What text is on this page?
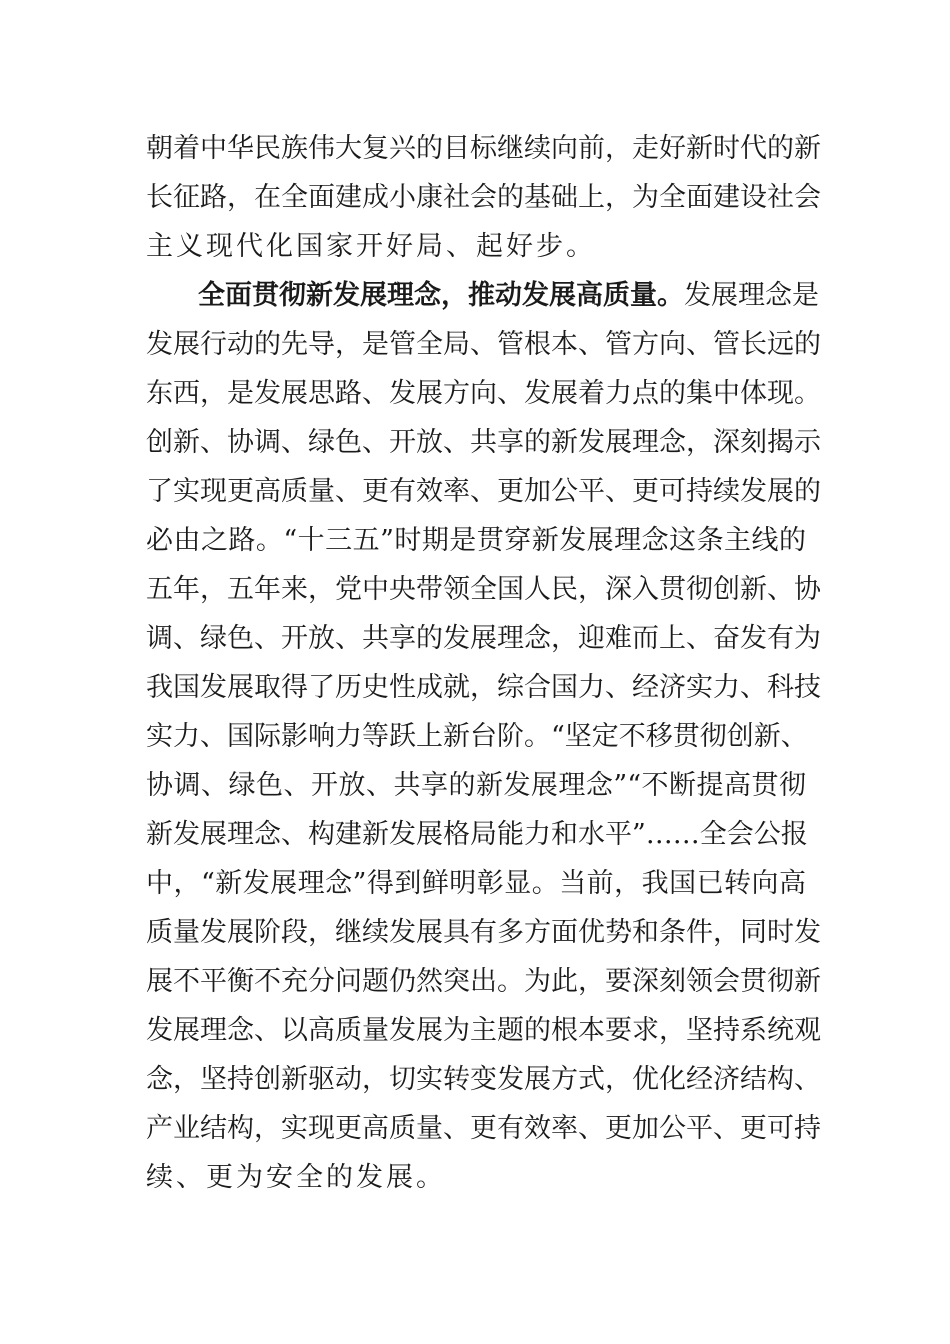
朝着中华民族伟大复兴的目标继续向前，走好新时代的新
长征路，在全面建成小康社会的基础上，为全面建设社会
主义现代化国家开好局、起好步。
全面贯彻新发展理念，推动发展高质量。发展理念是
发展行动的先导，是管全局、管根本、管方向、管长远的
东西，是发展思路、发展方向、发展着力点的集中体现。
创新、协调、绿色、开放、共享的新发展理念，深刻揭示
了实现更高质量、更有效率、更加公平、更可持续发展的
必由之路。“十三五”时期是贯穿新发展理念这条主线的
五年，五年来，党中央带领全国人民，深入贯彻创新、协
调、绿色、开放、共享的发展理念，迎难而上、奋发有为
我国发展取得了历史性成就，综合国力、经济实力、科技
实力、国际影响力等跃上新台阶。“坚定不移贯彻创新、
协调、绿色、开放、共享的新发展理念”“不断提高贯彻
新发展理念、构建新发展格局能力和水平”……全会公报
中，“新发展理念”得到鲜明彰显。当前，我国已转向高
质量发展阶段，继续发展具有多方面优势和条件，同时发
展不平衡不充分问题仍然突出。为此，要深刻领会贯彻新
发展理念、以高质量发展为主题的根本要求，坚持系统观
念，坚持创新驱动，切实转变发展方式，优化经济结构、
产业结构，实现更高质量、更有效率、更加公平、更可持
续、更为安全的发展。
